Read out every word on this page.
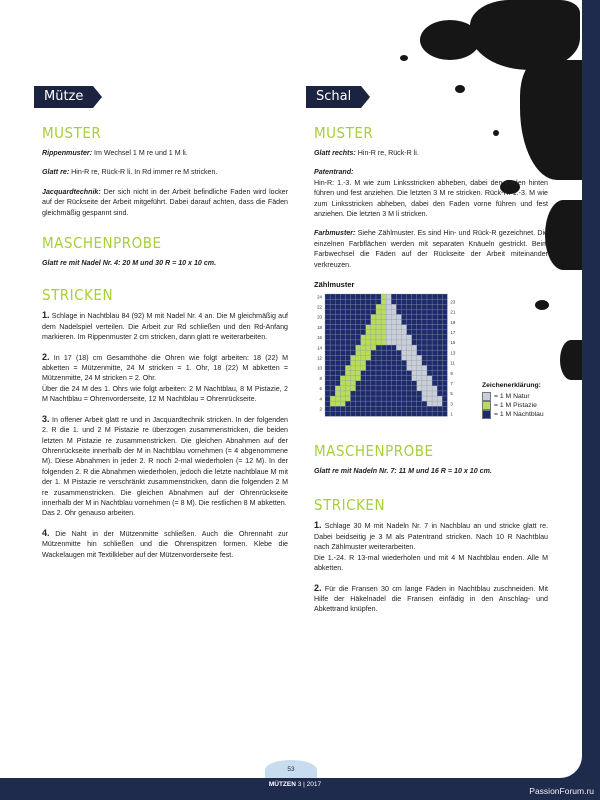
Mütze
MUSTER

Rippenmuster: Im Wechsel 1 M re und 1 M li.

Glatt re: Hin-R re, Rück-R li. In Rd immer re M stricken.

Jacquardtechnik: Der sich nicht in der Arbeit befindliche Faden wird locker auf der Rückseite der Arbeit mitgeführt. Dabei darauf achten, dass die Fäden gleichmäßig gespannt sind.

MASCHENPROBE

Glatt re mit Nadel Nr. 4: 20 M und 30 R = 10 x 10 cm.

STRICKEN

1. Schlage in Nachtblau 84 (92) M mit Nadel Nr. 4 an. Die M gleichmäßig auf dem Nadelspiel verteilen. Die Arbeit zur Rd schließen und den Rd-Anfang markieren. Im Rippenmuster 2 cm stricken, dann glatt re weiterarbeiten.

2. In 17 (18) cm Gesamthöhe die Ohren wie folgt arbeiten: 18 (22) M abketten = Mützenmitte, 24 M stricken = 1. Ohr, 18 (22) M abketten = Mützenmitte, 24 M stricken = 2. Ohr.

Über die 24 M des 1. Ohrs wie folgt arbeiten: 2 M Nachtblau, 8 M Pistazie, 2 M Nachtblau = Ohrenvorderseite, 12 M Nachtblau = Ohrenrückseite.

3. In offener Arbeit glatt re und in Jacquardtechnik stricken. In der folgenden 2. R die 1. und 2 M Pistazie re überzogen zusammenstricken, die beiden letzten M Pistazie re zusammenstricken. Die gleichen Abnahmen auf der Ohrenrückseite innerhalb der M in Nachtblau vornehmen (= 4 abgenommene M). Diese Abnahmen in jeder 2. R noch 2-mal wiederholen (= 12 M). In der folgenden 2. R die Abnahmen wiederholen, jedoch die letzte nachtblaue M mit der 1. M Pistazie re verschränkt zusammenstricken, dann die folgenden 2 M re zusammenstricken. Die gleichen Abnahmen auf der Ohrenrückseite innerhalb der M in Nachtblau vornehmen (= 8 M). Die restlichen 8 M abketten.

Das 2. Ohr genauso arbeiten.

4. Die Naht in der Mützenmitte schließen. Auch die Ohrennaht zur Mützenmitte hin schließen und die Ohrenspitzen formen. Klebe die Wackelaugen mit Textilkleber auf der Mützenvorderseite fest.

Schal
MUSTER

Glatt rechts: Hin-R re, Rück-R li.

Patentrand:
Hin-R: 1.-3. M wie zum Linksstricken abheben, dabei den Faden hinten führen und fest anziehen. Die letzten 3 M re stricken. Rück-R: 1.-3. M wie zum Linksstricken abheben, dabei den Faden vorne führen und fest anziehen. Die letzten 3 M li stricken.

Farbmuster: Siehe Zählmuster. Es sind Hin- und Rück-R gezeichnet. Die einzelnen Farbflächen werden mit separaten Knäueln gestrickt. Beim Farbwechsel die Fäden auf der Rückseite der Arbeit miteinander verkreuzen.

Zählmuster
24
22
20
18
16
14
12
10
8
6
4
2
23
21
19
17
15
13
11
9
7
5
3
1
Zeichenerklärung:
= 1 M Natur
= 1 M Pistazie
= 1 M Nachtblau
MASCHENPROBE

Glatt re mit Nadeln Nr. 7: 11 M und 16 R = 10 x 10 cm.

STRICKEN

1. Schlage 30 M mit Nadeln Nr. 7 in Nachblau an und stricke glatt re. Dabei beidseitig je 3 M als Patentrand stricken. Nach 10 R Nachtblau nach Zählmuster weiterarbeiten.

Die 1.-24. R 13-mal wiederholen und mit 4 M Nachtblau enden. Alle M abketten.

2. Für die Fransen 30 cm lange Fäden in Nachtblau zuschneiden. Mit Hilfe der Häkelnadel die Fransen einfädig in den Anschlag- und Abkettrand knüpfen.

53
MÜTZEN 3 | 2017
PassionForum.ru
